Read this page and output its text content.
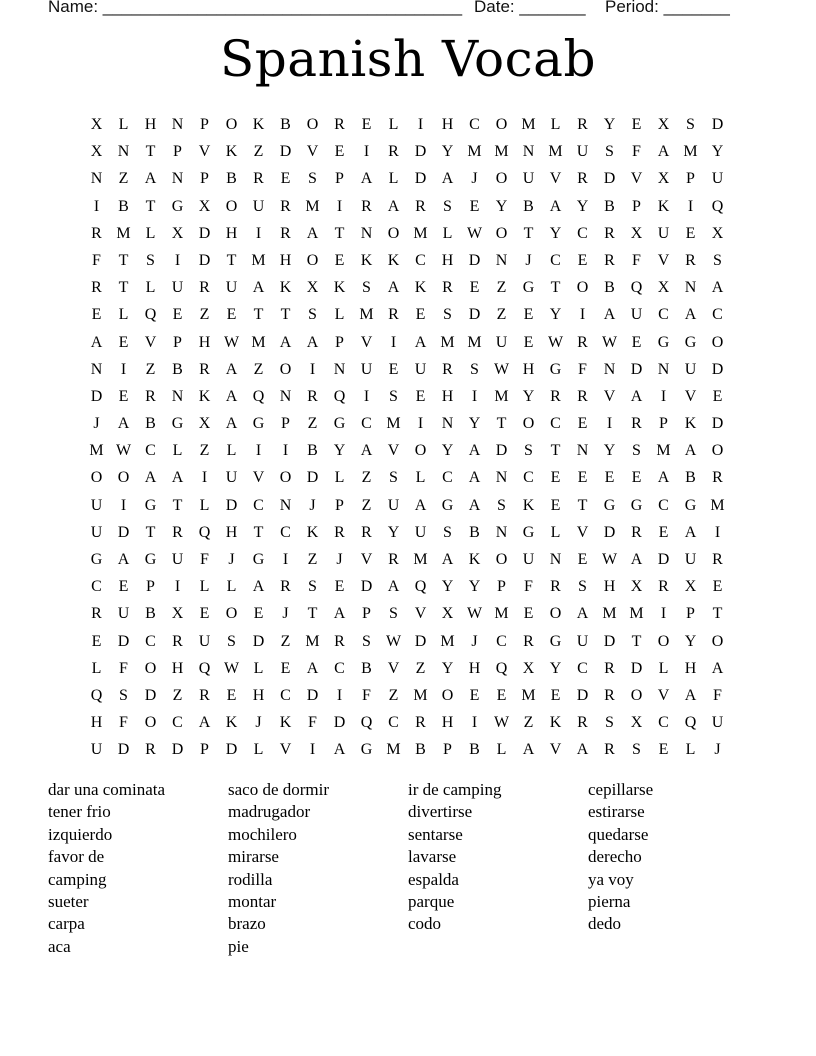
Name: ______________________________________ Date: _______ Period: _______
Spanish Vocab
X	L	H N	P	O K B O R	E	L	I	H C O M L	R Y	E	X	S	D
X N	T	P	V K	Z	D V	E	I	R D Y M M N M U	S	F	A M Y
N	Z	A N	P	B	R	E	S	P	A	L	D A	J	O U V R D V X	P	U
I	B	T	G X O U R M	I	R A R	S	E	Y B A Y B	P	K	I	Q
R M L	X D H	I	R A	T	N O M L W O	T	Y C	R X U	E	X
F	T	S	I	D	T M H O	E	K K C H D N	J	C	E	R	F	V R	S
R	T	L	U R U A K X K	S	A K R	E	Z	G	T	O B Q X N A
E	L	Q	E	Z	E	T	T	S	L M R	E	S	D	Z	E	Y	I	A U C A C
A	E	V	P	H W M A A	P	V	I	A M M U	E W R W E	G G O
N	I	Z	B	R A	Z	O	I	N U	E	U R	S W H G	F	N D N U D
D	E	R N K A Q N R Q	I	S	E	H	I	M Y R	R V A	I	V	E
J	A B G X A G	P	Z	G C M	I	N Y	T	O C	E	I	R	P	K D
M W C	L	Z	L	I	I	B Y A V O Y A D	S	T	N Y	S M A O
O O A A	I	U V O D	L	Z	S	L	C A N C	E	E	E	E	A B	R
U	I	G	T	L	D C N	J	P	Z	U A G A	S	K	E	T	G G C G M
U D	T	R Q H	T	C K R	R Y U	S	B N G	L	V D R	E	A	I
G A G U	F	J	G	I	Z	J	V R M A K O U N	E W A D U R
C	E	P	I	L	L	A R	S	E	D A Q Y Y	P	F	R	S	H X R X	E
R U B X	E	O	E	J	T	A	P	S	V X W M E	O A M M	I	P	T
E	D C	R U	S	D	Z M R	S W D M	J	C	R G U D	T	O Y O
L	F	O H Q W L	E	A C	B V	Z	Y H Q X Y C	R D	L	H A
Q	S	D	Z	R	E	H C D	I	F	Z M O	E	E M E	D R O V A	F
H	F	O C A K	J	K	F	D Q C	R H	I	W Z	K R	S	X C Q U
U D R D	P	D	L	V	I	A G M B	P	B	L	A V A R	S	E	L	J
dar una cominata
tener frio
izquierdo
favor de
camping
sueter
carpa
aca
saco de dormir
madrugador
mochilero
mirarse
rodilla
montar
brazo
pie
ir de camping
divertirse
sentarse
lavarse
espalda
parque
codo
cepillarse
estirarse
quedarse
derecho
ya voy
pierna
dedo
